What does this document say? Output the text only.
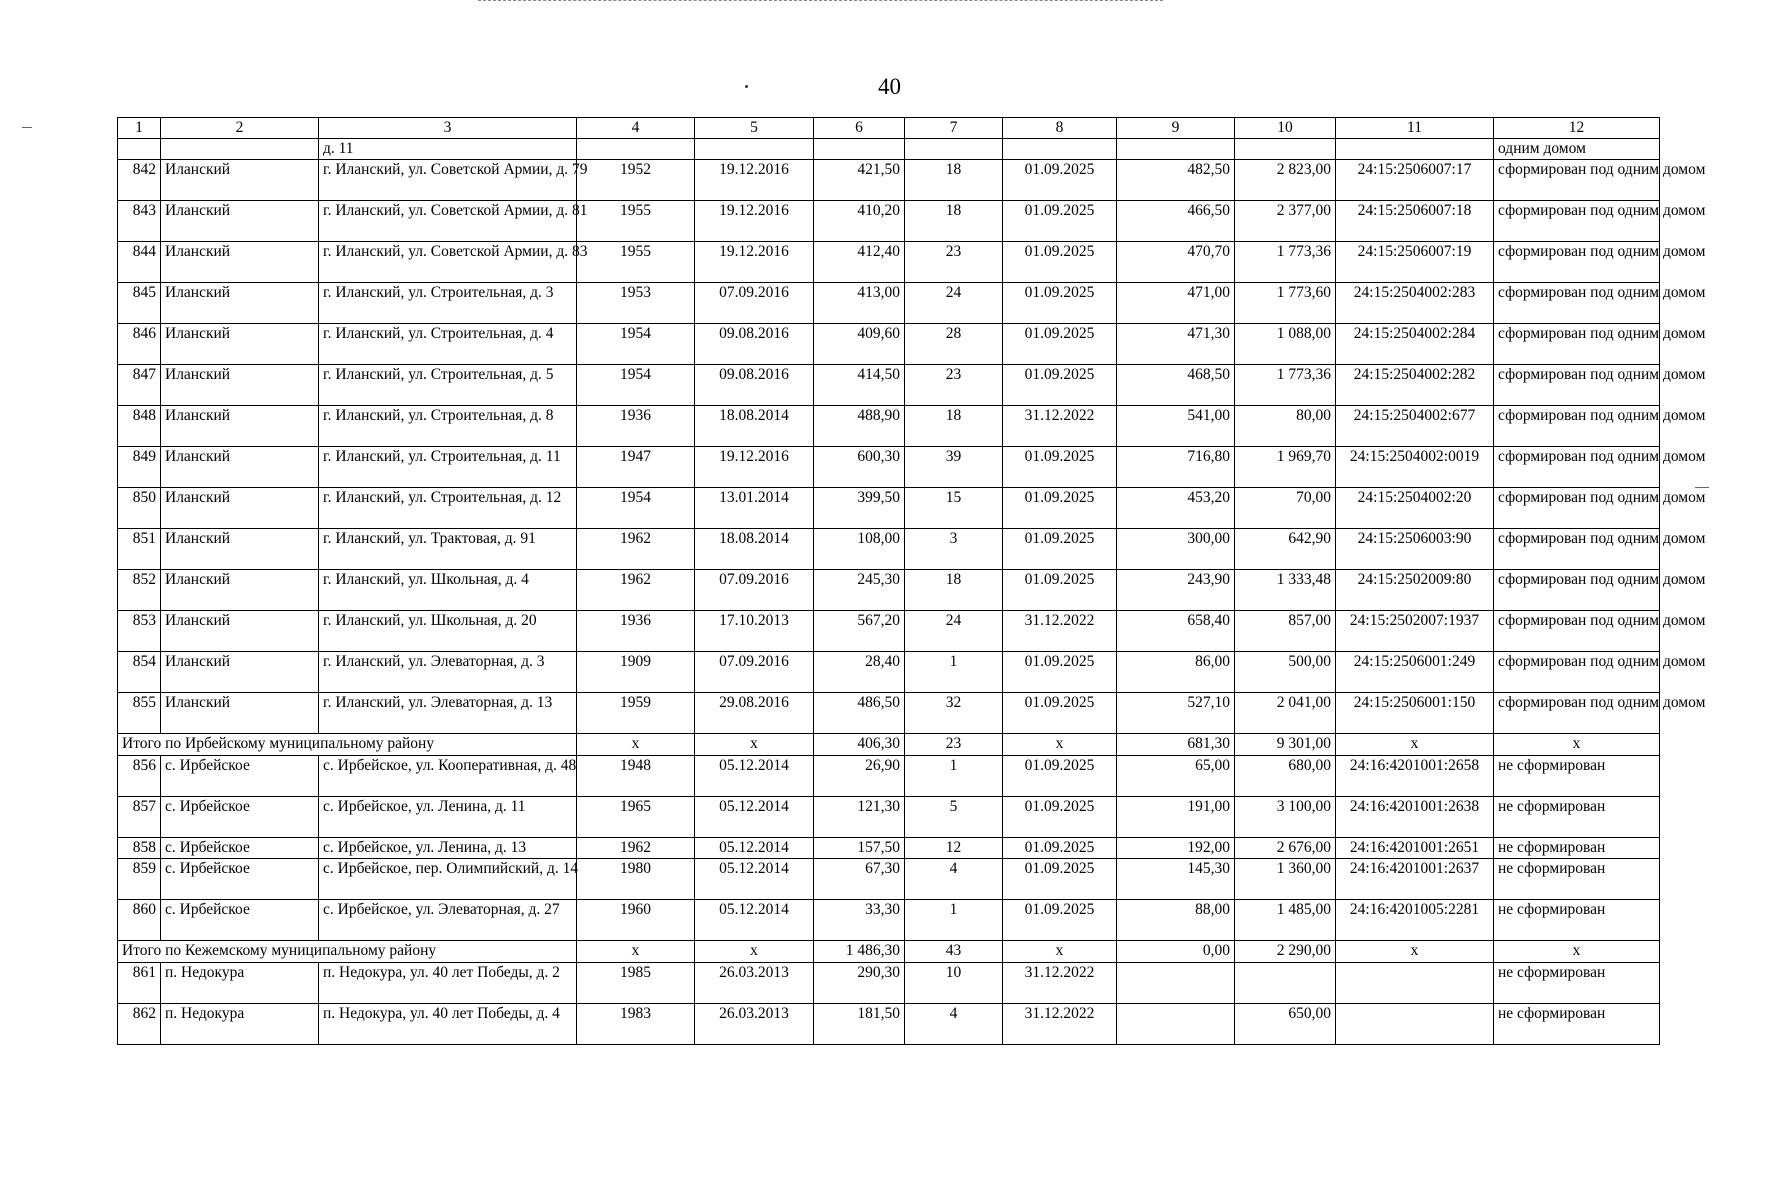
40
1	2	3	4	5	6	7	8	9	10	11	12
		д. 11									одним домом
842	Иланский	г. Иланский, ул. Советской Армии, д. 79	1952	19.12.2016	421,50	18	01.09.2025	482,50	2 823,00	24:15:2506007:17	сформирован под одним домом
843	Иланский	г. Иланский, ул. Советской Армии, д. 81	1955	19.12.2016	410,20	18	01.09.2025	466,50	2 377,00	24:15:2506007:18	сформирован под одним домом
844	Иланский	г. Иланский, ул. Советской Армии, д. 83	1955	19.12.2016	412,40	23	01.09.2025	470,70	1 773,36	24:15:2506007:19	сформирован под одним домом
845	Иланский	г. Иланский, ул. Строительная, д. 3	1953	07.09.2016	413,00	24	01.09.2025	471,00	1 773,60	24:15:2504002:283	сформирован под одним домом
846	Иланский	г. Иланский, ул. Строительная, д. 4	1954	09.08.2016	409,60	28	01.09.2025	471,30	1 088,00	24:15:2504002:284	сформирован под одним домом
847	Иланский	г. Иланский, ул. Строительная, д. 5	1954	09.08.2016	414,50	23	01.09.2025	468,50	1 773,36	24:15:2504002:282	сформирован под одним домом
848	Иланский	г. Иланский, ул. Строительная, д. 8	1936	18.08.2014	488,90	18	31.12.2022	541,00	80,00	24:15:2504002:677	сформирован под одним домом
849	Иланский	г. Иланский, ул. Строительная, д. 11	1947	19.12.2016	600,30	39	01.09.2025	716,80	1 969,70	24:15:2504002:0019	сформирован под одним домом
850	Иланский	г. Иланский, ул. Строительная, д. 12	1954	13.01.2014	399,50	15	01.09.2025	453,20	70,00	24:15:2504002:20	сформирован под одним домом
851	Иланский	г. Иланский, ул. Трактовая, д. 91	1962	18.08.2014	108,00	3	01.09.2025	300,00	642,90	24:15:2506003:90	сформирован под одним домом
852	Иланский	г. Иланский, ул. Школьная, д. 4	1962	07.09.2016	245,30	18	01.09.2025	243,90	1 333,48	24:15:2502009:80	сформирован под одним домом
853	Иланский	г. Иланский, ул. Школьная, д. 20	1936	17.10.2013	567,20	24	31.12.2022	658,40	857,00	24:15:2502007:1937	сформирован под одним домом
854	Иланский	г. Иланский, ул. Элеваторная, д. 3	1909	07.09.2016	28,40	1	01.09.2025	86,00	500,00	24:15:2506001:249	сформирован под одним домом
855	Иланский	г. Иланский, ул. Элеваторная, д. 13	1959	29.08.2016	486,50	32	01.09.2025	527,10	2 041,00	24:15:2506001:150	сформирован под одним домом
Итого по Ирбейскому муниципальному району			х	х	406,30	23	х	681,30	9 301,00	х	х
856	с. Ирбейское	с. Ирбейское, ул. Кооперативная, д. 48	1948	05.12.2014	26,90	1	01.09.2025	65,00	680,00	24:16:4201001:2658	не сформирован
857	с. Ирбейское	с. Ирбейское, ул. Ленина, д. 11	1965	05.12.2014	121,30	5	01.09.2025	191,00	3 100,00	24:16:4201001:2638	не сформирован
858	с. Ирбейское	с. Ирбейское, ул. Ленина, д. 13	1962	05.12.2014	157,50	12	01.09.2025	192,00	2 676,00	24:16:4201001:2651	не сформирован
859	с. Ирбейское	с. Ирбейское, пер. Олимпийский, д. 14	1980	05.12.2014	67,30	4	01.09.2025	145,30	1 360,00	24:16:4201001:2637	не сформирован
860	с. Ирбейское	с. Ирбейское, ул. Элеваторная, д. 27	1960	05.12.2014	33,30	1	01.09.2025	88,00	1 485,00	24:16:4201005:2281	не сформирован
Итого по Кежемскому муниципальному району			х	х	1 486,30	43	х	0,00	2 290,00	х	х
861	п. Недокура	п. Недокура, ул. 40 лет Победы, д. 2	1985	26.03.2013	290,30	10	31.12.2022				не сформирован
862	п. Недокура	п. Недокура, ул. 40 лет Победы, д. 4	1983	26.03.2013	181,50	4	31.12.2022		650,00		не сформирован
